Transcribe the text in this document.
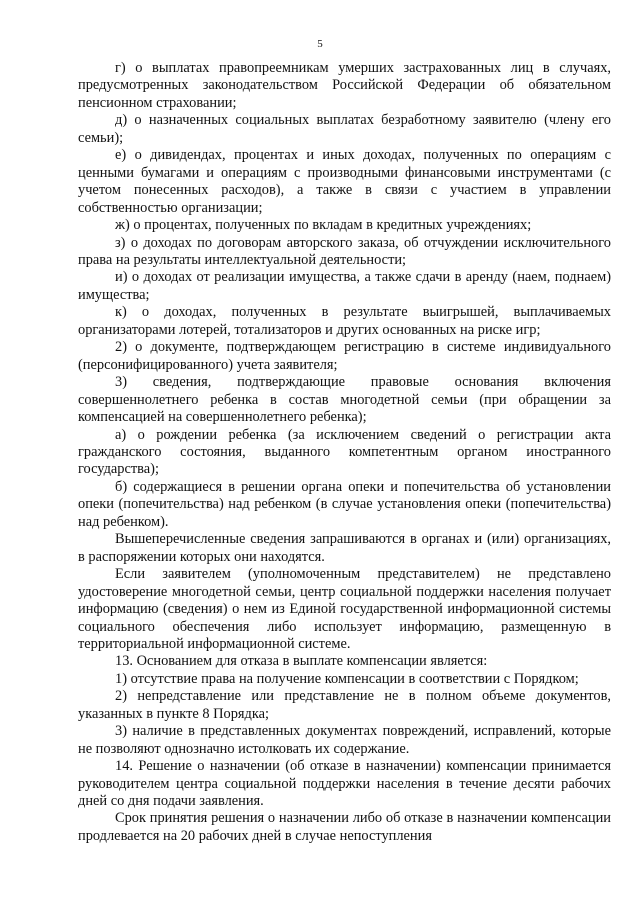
5

г) о выплатах правопреемникам умерших застрахованных лиц в случаях, предусмотренных законодательством Российской Федерации об обязательном пенсионном страховании;

д) о назначенных социальных выплатах безработному заявителю (члену его семьи);

е) о дивидендах, процентах и иных доходах, полученных по операциям с ценными бумагами и операциям с производными финансовыми инструментами (с учетом понесенных расходов), а также в связи с участием в управлении собственностью организации;

ж) о процентах, полученных по вкладам в кредитных учреждениях;

з) о доходах по договорам авторского заказа, об отчуждении исключительного права на результаты интеллектуальной деятельности;

и) о доходах от реализации имущества, а также сдачи в аренду (наем, поднаем) имущества;

к) о доходах, полученных в результате выигрышей, выплачиваемых организаторами лотерей, тотализаторов и других основанных на риске игр;

2) о документе, подтверждающем регистрацию в системе индивидуального (персонифицированного) учета заявителя;

3) сведения, подтверждающие правовые основания включения совершеннолетнего ребенка в состав многодетной семьи (при обращении за компенсацией на совершеннолетнего ребенка);

а) о рождении ребенка (за исключением сведений о регистрации акта гражданского состояния, выданного компетентным органом иностранного государства);

б) содержащиеся в решении органа опеки и попечительства об установлении опеки (попечительства) над ребенком (в случае установления опеки (попечительства) над ребенком).

Вышеперечисленные сведения запрашиваются в органах и (или) организациях, в распоряжении которых они находятся.

Если заявителем (уполномоченным представителем) не представлено удостоверение многодетной семьи, центр социальной поддержки населения получает информацию (сведения) о нем из Единой государственной информационной системы социального обеспечения либо использует информацию, размещенную в территориальной информационной системе.

13. Основанием для отказа в выплате компенсации является:

1) отсутствие права на получение компенсации в соответствии с Порядком;

2) непредставление или представление не в полном объеме документов, указанных в пункте 8 Порядка;

3) наличие в представленных документах повреждений, исправлений, которые не позволяют однозначно истолковать их содержание.

14. Решение о назначении (об отказе в назначении) компенсации принимается руководителем центра социальной поддержки населения в течение десяти рабочих дней со дня подачи заявления.

Срок принятия решения о назначении либо об отказе в назначении компенсации продлевается на 20 рабочих дней в случае непоступления
